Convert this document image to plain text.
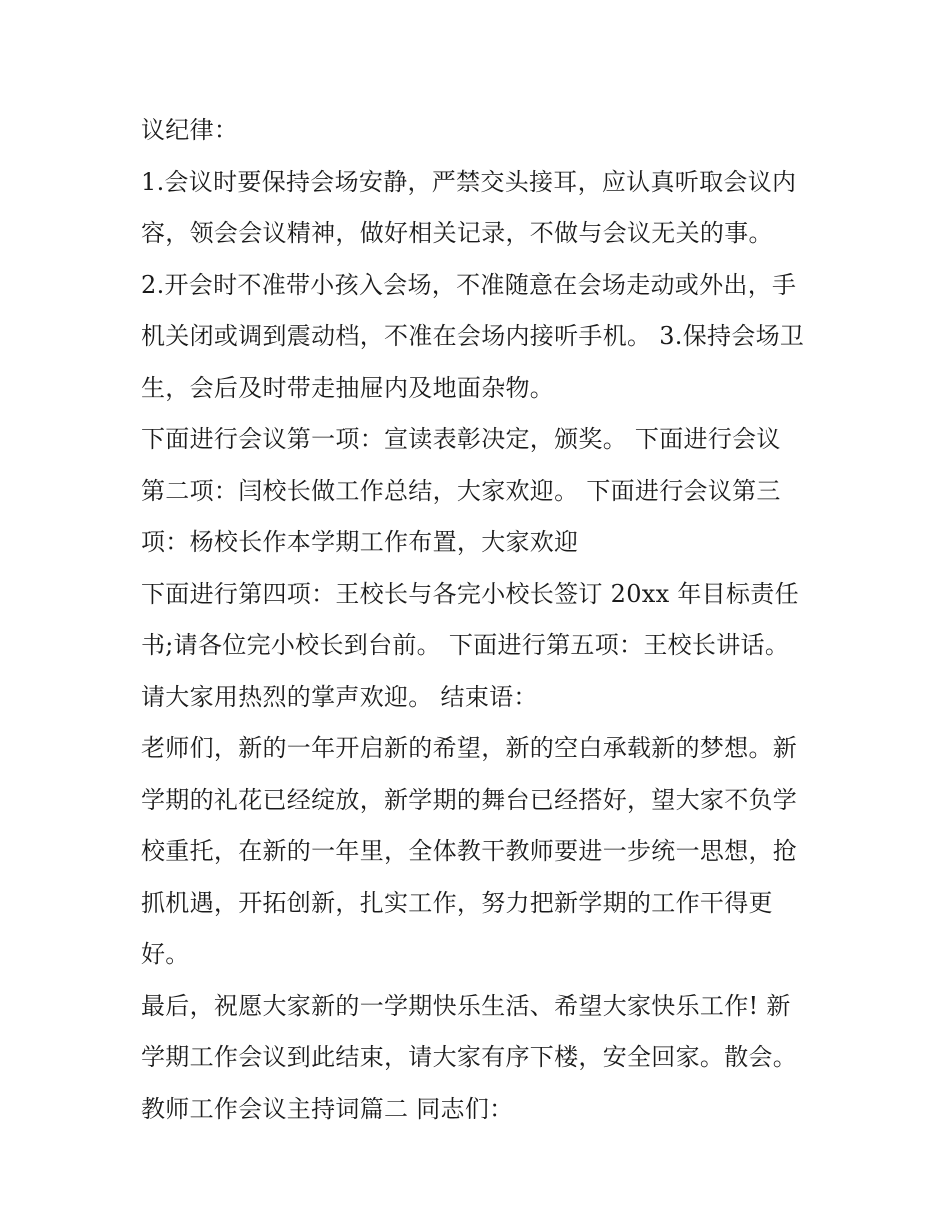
议纪律：
1.会议时要保持会场安静，严禁交头接耳，应认真听取会议内
容，领会会议精神，做好相关记录，不做与会议无关的事。
2.开会时不准带小孩入会场，不准随意在会场走动或外出，手
机关闭或调到震动档，不准在会场内接听手机。 3.保持会场卫
生，会后及时带走抽屉内及地面杂物。
下面进行会议第一项：宣读表彰决定，颁奖。 下面进行会议
第二项：闫校长做工作总结，大家欢迎。 下面进行会议第三
项：杨校长作本学期工作布置，大家欢迎
下面进行第四项：王校长与各完小校长签订 20xx 年目标责任
书;请各位完小校长到台前。 下面进行第五项：王校长讲话。
请大家用热烈的掌声欢迎。 结束语：
老师们，新的一年开启新的希望，新的空白承载新的梦想。新
学期的礼花已经绽放，新学期的舞台已经搭好，望大家不负学
校重托，在新的一年里，全体教干教师要进一步统一思想，抢
抓机遇，开拓创新，扎实工作，努力把新学期的工作干得更
好。
最后，祝愿大家新的一学期快乐生活、希望大家快乐工作! 新
学期工作会议到此结束，请大家有序下楼，安全回家。散会。
教师工作会议主持词篇二 同志们：
